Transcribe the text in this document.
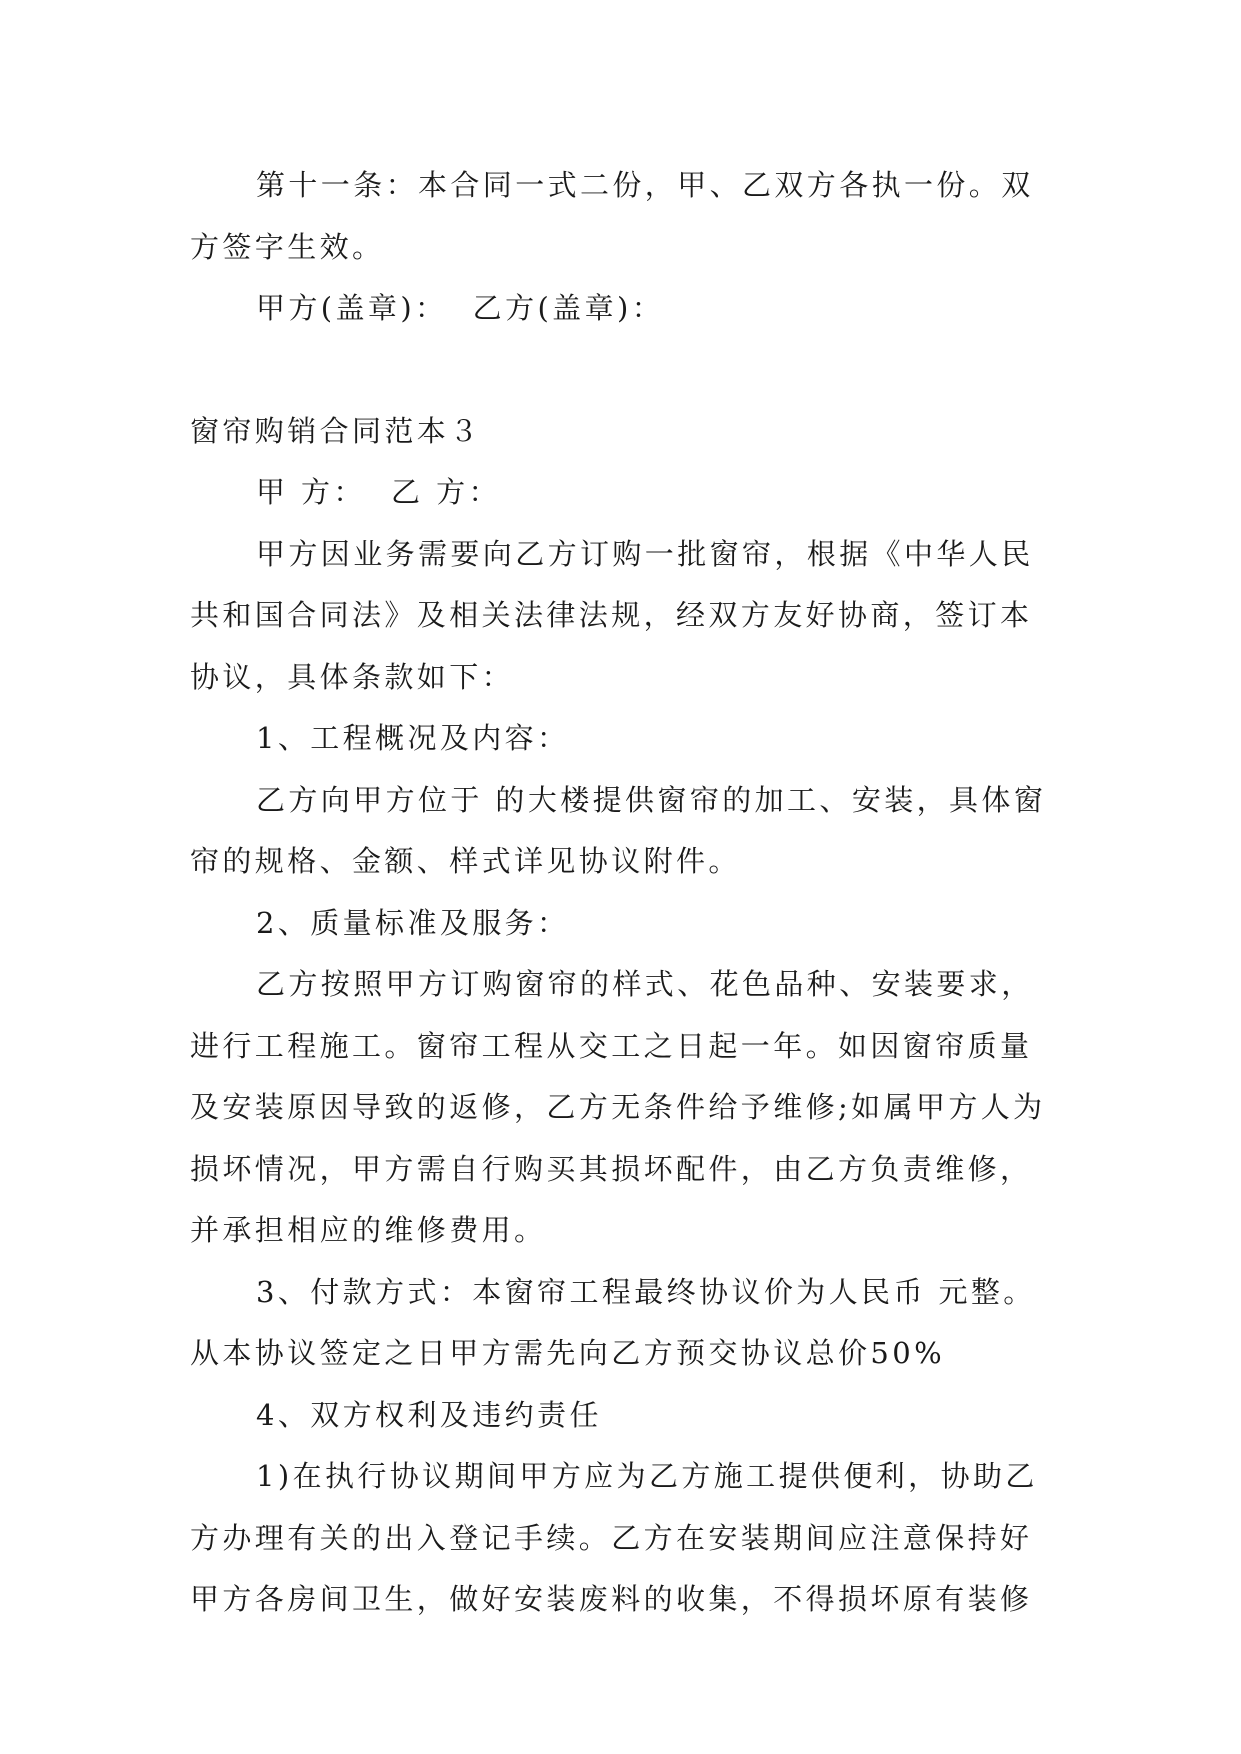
第十一条：本合同一式二份，甲、乙双方各执一份。双方签字生效。

甲方(盖章)：  乙方(盖章)：

窗帘购销合同范本３

甲 方：  乙 方：

甲方因业务需要向乙方订购一批窗帘，根据《中华人民共和国合同法》及相关法律法规，经双方友好协商，签订本协议，具体条款如下：

1、工程概况及内容：

乙方向甲方位于 的大楼提供窗帘的加工、安装，具体窗帘的规格、金额、样式详见协议附件。

2、质量标准及服务：

乙方按照甲方订购窗帘的样式、花色品种、安装要求，进行工程施工。窗帘工程从交工之日起一年。如因窗帘质量及安装原因导致的返修，乙方无条件给予维修;如属甲方人为损坏情况，甲方需自行购买其损坏配件，由乙方负责维修，并承担相应的维修费用。

3、付款方式：本窗帘工程最终协议价为人民币 元整。从本协议签定之日甲方需先向乙方预交协议总价50%

4、双方权利及违约责任

1)在执行协议期间甲方应为乙方施工提供便利，协助乙方办理有关的出入登记手续。乙方在安装期间应注意保持好甲方各房间卫生，做好安装废料的收集，不得损坏原有装修
